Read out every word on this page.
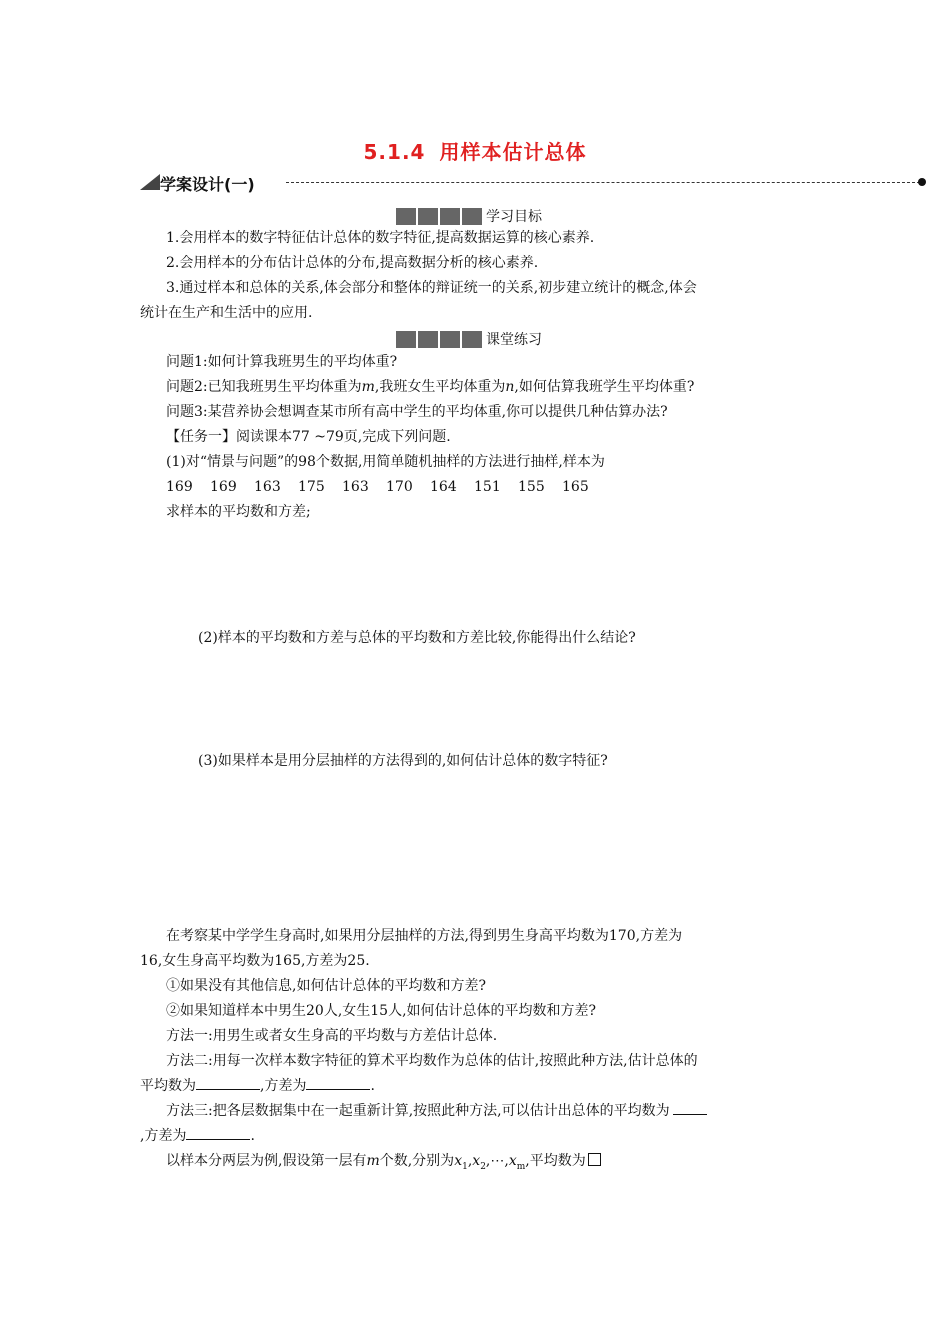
5.1.4 用样本估计总体
学案设计(一)
学习目标
1.会用样本的数字特征估计总体的数字特征,提高数据运算的核心素养.
2.会用样本的分布估计总体的分布,提高数据分析的核心素养.
3.通过样本和总体的关系,体会部分和整体的辩证统一的关系,初步建立统计的概念,体会
统计在生产和生活中的应用.
课堂练习
问题1:如何计算我班男生的平均体重?
问题2:已知我班男生平均体重为m,我班女生平均体重为n,如何估算我班学生平均体重?
问题3:某营养协会想调查某市所有高中学生的平均体重,你可以提供几种估算办法?
【任务一】阅读课本77 ~79页,完成下列问题.
(1)对“情景与问题”的98个数据,用简单随机抽样的方法进行抽样,样本为
169 169 163 175 163 170 164 151 155 165
求样本的平均数和方差;
(2)样本的平均数和方差与总体的平均数和方差比较,你能得出什么结论?
(3)如果样本是用分层抽样的方法得到的,如何估计总体的数字特征?
在考察某中学学生身高时,如果用分层抽样的方法,得到男生身高平均数为170,方差为
16,女生身高平均数为165,方差为25.
①如果没有其他信息,如何估计总体的平均数和方差?
②如果知道样本中男生20人,女生15人,如何估计总体的平均数和方差?
方法一:用男生或者女生身高的平均数与方差估计总体.
方法二:用每一次样本数字特征的算术平均数作为总体的估计,按照此种方法,估计总体的
平均数为	,方差为	.
方法三:把各层数据集中在一起重新计算,按照此种方法,可以估计出总体的平均数为
,方差为	.
以样本分两层为例,假设第一层有m个数,分别为$x_1,x_2,\cdots,x_m$,平均数为
